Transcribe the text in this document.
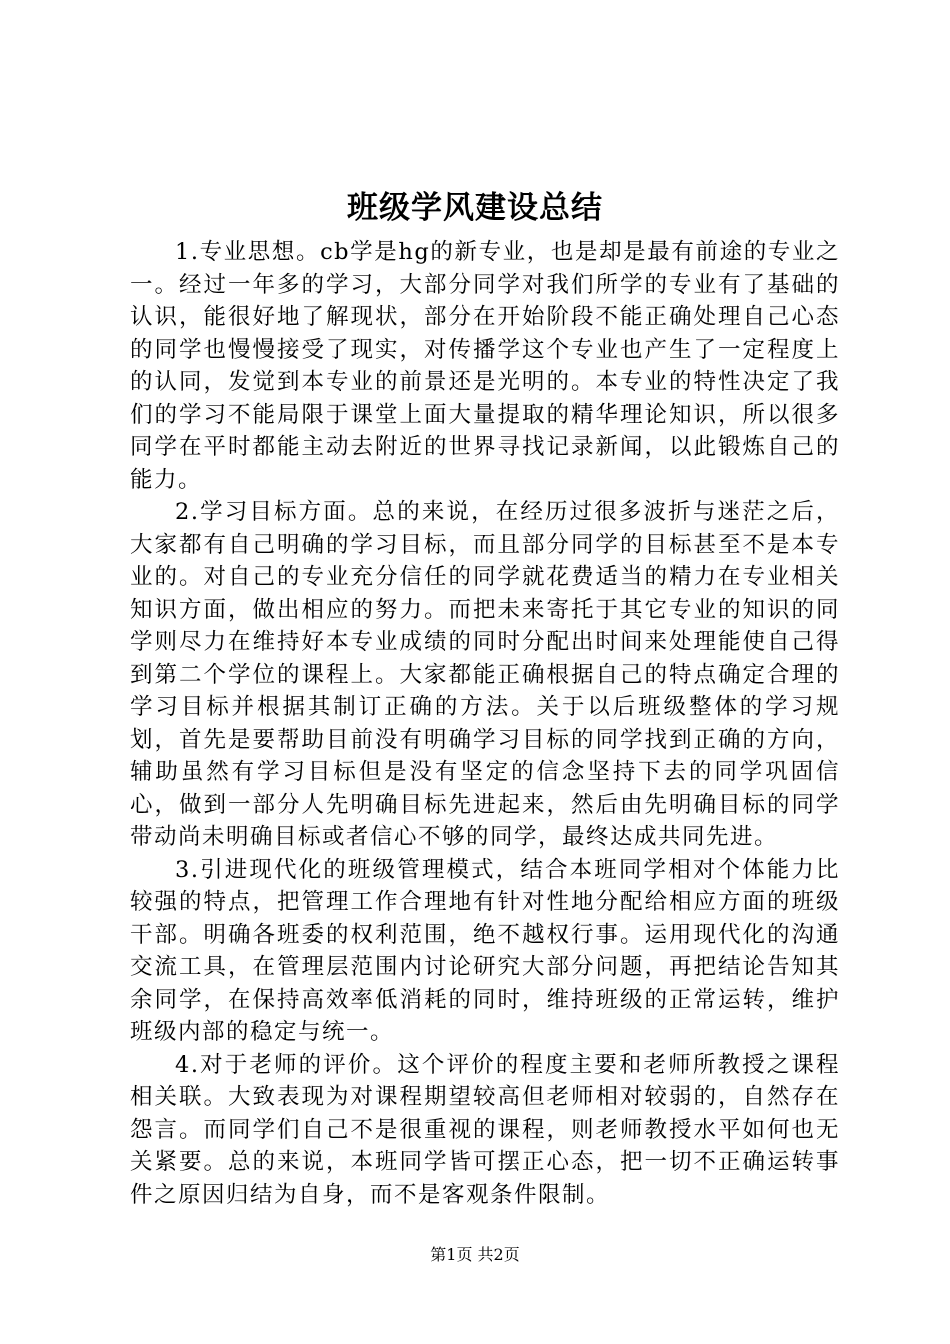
班级学风建设总结

1.专业思想。cb学是hg的新专业，也是却是最有前途的专业之一。经过一年多的学习，大部分同学对我们所学的专业有了基础的认识，能很好地了解现状，部分在开始阶段不能正确处理自己心态的同学也慢慢接受了现实，对传播学这个专业也产生了一定程度上的认同，发觉到本专业的前景还是光明的。本专业的特性决定了我们的学习不能局限于课堂上面大量提取的精华理论知识，所以很多同学在平时都能主动去附近的世界寻找记录新闻，以此锻炼自己的能力。

2.学习目标方面。总的来说，在经历过很多波折与迷茫之后，大家都有自己明确的学习目标，而且部分同学的目标甚至不是本专业的。对自己的专业充分信任的同学就花费适当的精力在专业相关知识方面，做出相应的努力。而把未来寄托于其它专业的知识的同学则尽力在维持好本专业成绩的同时分配出时间来处理能使自己得到第二个学位的课程上。大家都能正确根据自己的特点确定合理的学习目标并根据其制订正确的方法。关于以后班级整体的学习规划，首先是要帮助目前没有明确学习目标的同学找到正确的方向，辅助虽然有学习目标但是没有坚定的信念坚持下去的同学巩固信心，做到一部分人先明确目标先进起来，然后由先明确目标的同学带动尚未明确目标或者信心不够的同学，最终达成共同先进。

3.引进现代化的班级管理模式，结合本班同学相对个体能力比较强的特点，把管理工作合理地有针对性地分配给相应方面的班级干部。明确各班委的权利范围，绝不越权行事。运用现代化的沟通交流工具，在管理层范围内讨论研究大部分问题，再把结论告知其余同学，在保持高效率低消耗的同时，维持班级的正常运转，维护班级内部的稳定与统一。

4.对于老师的评价。这个评价的程度主要和老师所教授之课程相关联。大致表现为对课程期望较高但老师相对较弱的，自然存在怨言。而同学们自己不是很重视的课程，则老师教授水平如何也无关紧要。总的来说，本班同学皆可摆正心态，把一切不正确运转事件之原因归结为自身，而不是客观条件限制。

第1页 共2页
